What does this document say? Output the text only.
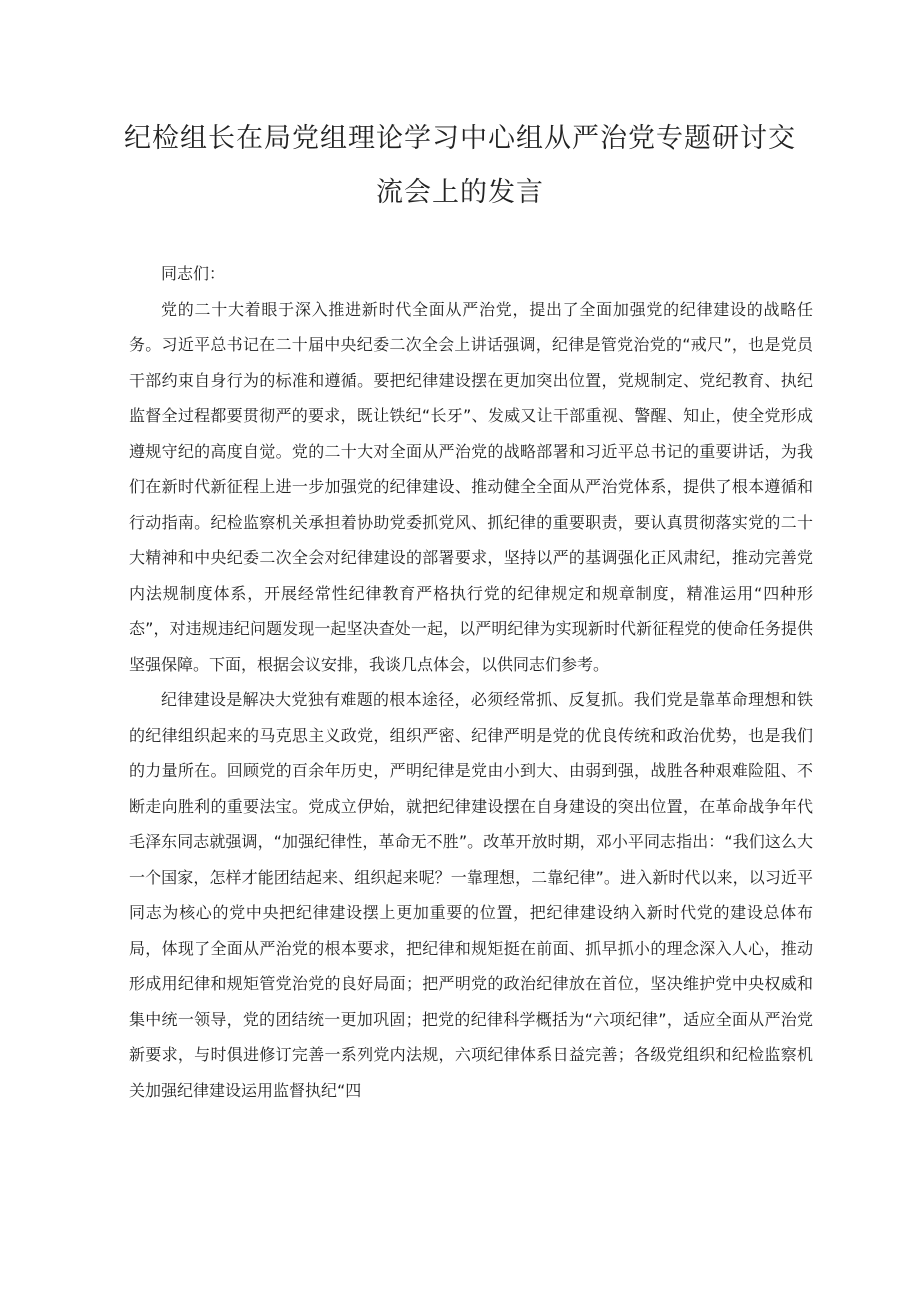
纪检组长在局党组理论学习中心组从严治党专题研讨交
流会上的发言

同志们：

党的二十大着眼于深入推进新时代全面从严治党，提出了全面加强党的纪律建设的战略任务。习近平总书记在二十届中央纪委二次全会上讲话强调，纪律是管党治党的“戒尺”，也是党员干部约束自身行为的标准和遵循。要把纪律建设摆在更加突出位置，党规制定、党纪教育、执纪监督全过程都要贯彻严的要求，既让铁纪“长牙”、发威又让干部重视、警醒、知止，使全党形成遵规守纪的高度自觉。党的二十大对全面从严治党的战略部署和习近平总书记的重要讲话，为我们在新时代新征程上进一步加强党的纪律建设、推动健全全面从严治党体系，提供了根本遵循和行动指南。纪检监察机关承担着协助党委抓党风、抓纪律的重要职责，要认真贯彻落实党的二十大精神和中央纪委二次全会对纪律建设的部署要求，坚持以严的基调强化正风肃纪，推动完善党内法规制度体系，开展经常性纪律教育严格执行党的纪律规定和规章制度，精准运用“四种形态”，对违规违纪问题发现一起坚决查处一起，以严明纪律为实现新时代新征程党的使命任务提供坚强保障。下面，根据会议安排，我谈几点体会，以供同志们参考。

纪律建设是解决大党独有难题的根本途径，必须经常抓、反复抓。我们党是靠革命理想和铁的纪律组织起来的马克思主义政党，组织严密、纪律严明是党的优良传统和政治优势，也是我们的力量所在。回顾党的百余年历史，严明纪律是党由小到大、由弱到强，战胜各种艰难险阻、不断走向胜利的重要法宝。党成立伊始，就把纪律建设摆在自身建设的突出位置，在革命战争年代毛泽东同志就强调，“加强纪律性，革命无不胜”。改革开放时期，邓小平同志指出：“我们这么大一个国家，怎样才能团结起来、组织起来呢？一靠理想，二靠纪律”。进入新时代以来，以习近平同志为核心的党中央把纪律建设摆上更加重要的位置，把纪律建设纳入新时代党的建设总体布局，体现了全面从严治党的根本要求，把纪律和规矩挺在前面、抓早抓小的理念深入人心，推动形成用纪律和规矩管党治党的良好局面；把严明党的政治纪律放在首位，坚决维护党中央权威和集中统一领导，党的团结统一更加巩固；把党的纪律科学概括为“六项纪律”，适应全面从严治党新要求，与时俱进修订完善一系列党内法规，六项纪律体系日益完善；各级党组织和纪检监察机关加强纪律建设运用监督执纪“四
